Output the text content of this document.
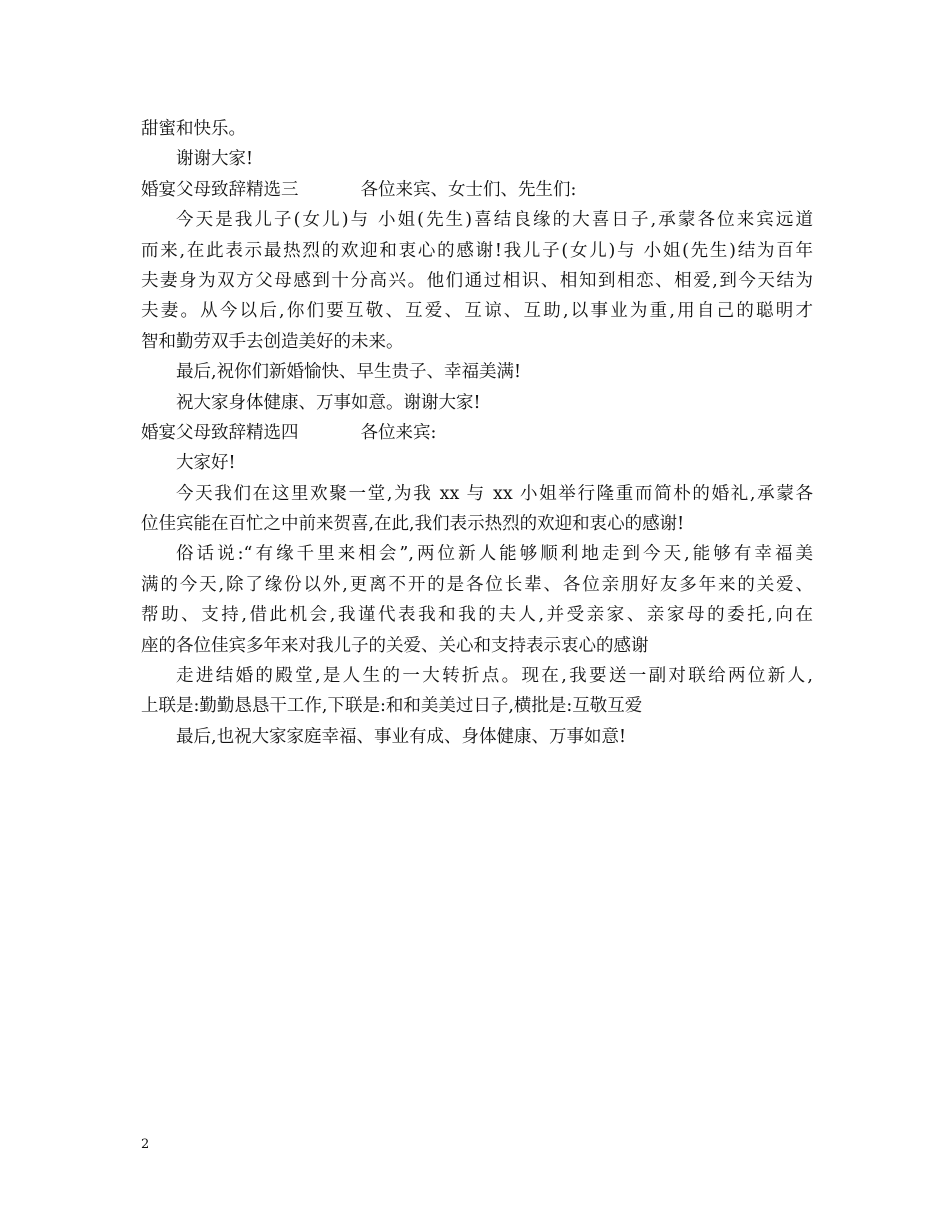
甜蜜和快乐。
谢谢大家!
婚宴父母致辞精选三	各位来宾、女士们、先生们:
今天是我儿子(女儿)与 小姐(先生)喜结良缘的大喜日子,承蒙各位来宾远道
而来,在此表示最热烈的欢迎和衷心的感谢!我儿子(女儿)与 小姐(先生)结为百年
夫妻身为双方父母感到十分高兴。他们通过相识、相知到相恋、相爱,到今天结为
夫妻。从今以后,你们要互敬、互爱、互谅、互助,以事业为重,用自己的聪明才
智和勤劳双手去创造美好的未来。
最后,祝你们新婚愉快、早生贵子、幸福美满!
祝大家身体健康、万事如意。谢谢大家!
婚宴父母致辞精选四	各位来宾:
大家好!
今天我们在这里欢聚一堂,为我 xx 与 xx 小姐举行隆重而简朴的婚礼,承蒙各
位佳宾能在百忙之中前来贺喜,在此,我们表示热烈的欢迎和衷心的感谢!
俗话说:“有缘千里来相会”,两位新人能够顺利地走到今天,能够有幸福美
满的今天,除了缘份以外,更离不开的是各位长辈、各位亲朋好友多年来的关爱、
帮助、支持,借此机会,我谨代表我和我的夫人,并受亲家、亲家母的委托,向在
座的各位佳宾多年来对我儿子的关爱、关心和支持表示衷心的感谢
走进结婚的殿堂,是人生的一大转折点。现在,我要送一副对联给两位新人,
上联是:勤勤恳恳干工作,下联是:和和美美过日子,横批是:互敬互爱
最后,也祝大家家庭幸福、事业有成、身体健康、万事如意!
2
